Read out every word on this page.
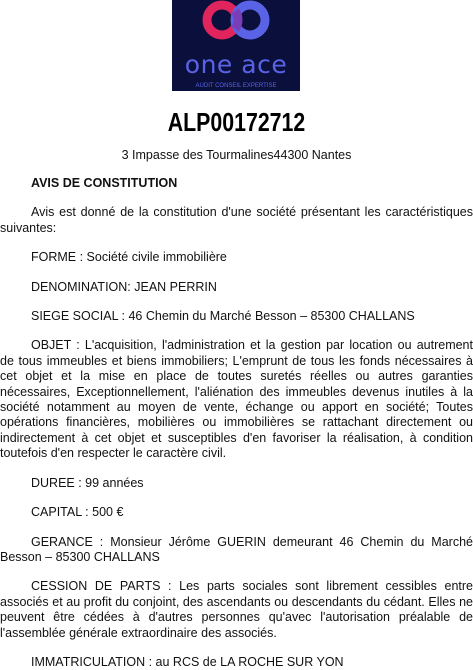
one ace
AUDIT CONSEIL EXPERTISE
ALP00172712
3 Impasse des Tourmalines44300 Nantes

AVIS DE CONSTITUTION

Avis est donné de la constitution d'une société présentant les caractéristiques suivantes:

FORME : Société civile immobilière

DENOMINATION: JEAN PERRIN

SIEGE SOCIAL : 46 Chemin du Marché Besson – 85300 CHALLANS

OBJET : L'acquisition, l'administration et la gestion par location ou autrement de tous immeubles et biens immobiliers; L'emprunt de tous les fonds nécessaires à cet objet et la mise en place de toutes suretés réelles ou autres garanties nécessaires, Exceptionnellement, l'aliénation des immeubles devenus inutiles à la société notamment au moyen de vente, échange ou apport en société; Toutes opérations financières, mobilières ou immobilières se rattachant directement ou indirectement à cet objet et susceptibles d'en favoriser la réalisation, à condition toutefois d'en respecter le caractère civil.

DUREE : 99 années

CAPITAL : 500 €

GERANCE : Monsieur Jérôme GUERIN demeurant 46 Chemin du Marché Besson – 85300 CHALLANS

CESSION DE PARTS : Les parts sociales sont librement cessibles entre associés et au profit du conjoint, des ascendants ou descendants du cédant. Elles ne peuvent être cédées à d'autres personnes qu'avec l'autorisation préalable de l'assemblée générale extraordinaire des associés.

IMMATRICULATION : au RCS de LA ROCHE SUR YON
